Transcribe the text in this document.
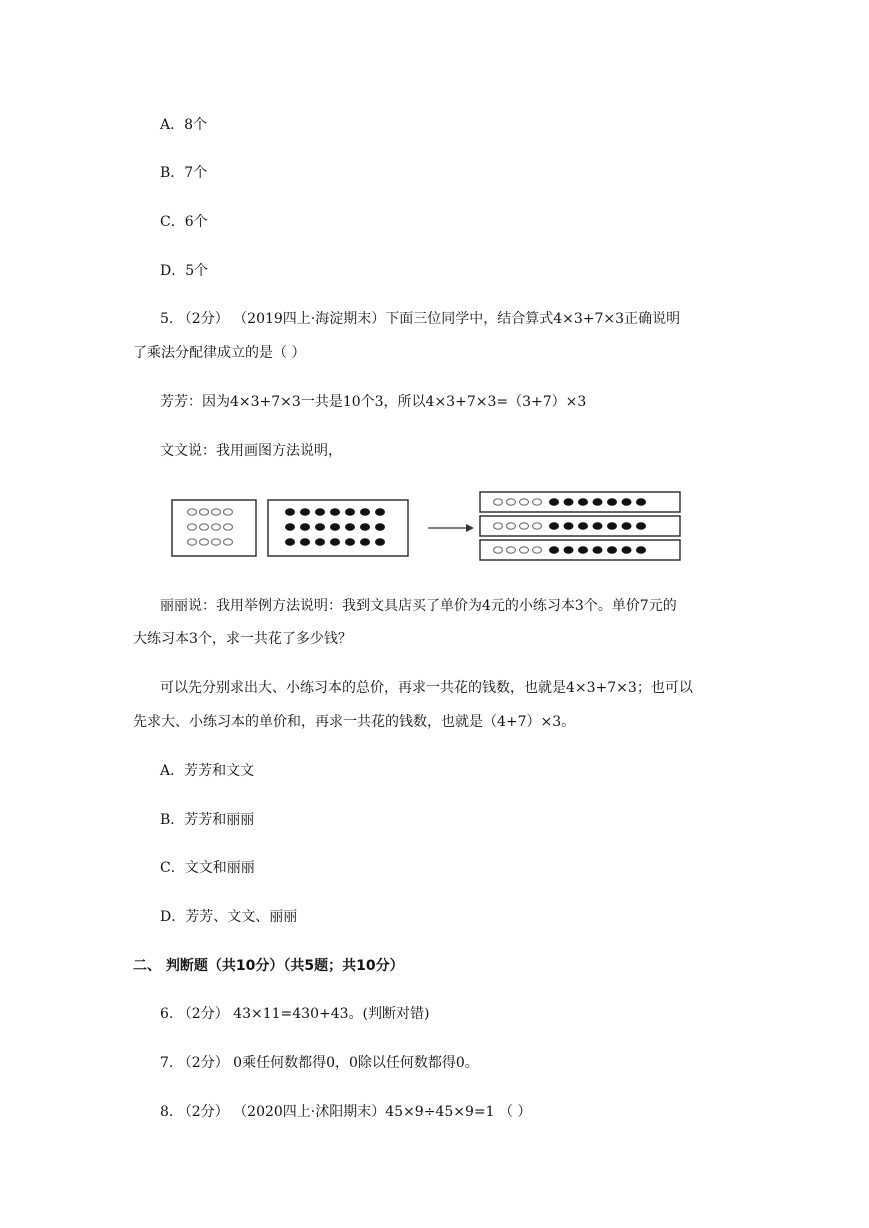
A．8个
B．7个
C．6个
D．5个
5. （2分） （2019四上·海淀期末）下面三位同学中，结合算式4×3+7×3正确说明
了乘法分配律成立的是（ ）
芳芳：因为4×3+7×3一共是10个3，所以4×3+7×3=（3+7）×3
文文说：我用画图方法说明，
丽丽说：我用举例方法说明：我到文具店买了单价为4元的小练习本3个。单价7元的
大练习本3个，求一共花了多少钱？
可以先分别求出大、小练习本的总价，再求一共花的钱数，也就是4×3+7×3；也可以
先求大、小练习本的单价和，再求一共花的钱数，也就是（4+7）×3。
A．芳芳和文文
B．芳芳和丽丽
C．文文和丽丽
D．芳芳、文文、丽丽
二、 判断题（共10分）（共5题；共10分）
6. （2分） 43×11=430+43。(判断对错)
7. （2分） 0乘任何数都得0，0除以任何数都得0。
8. （2分） （2020四上·沭阳期末）45×9÷45×9=1 （ ）
